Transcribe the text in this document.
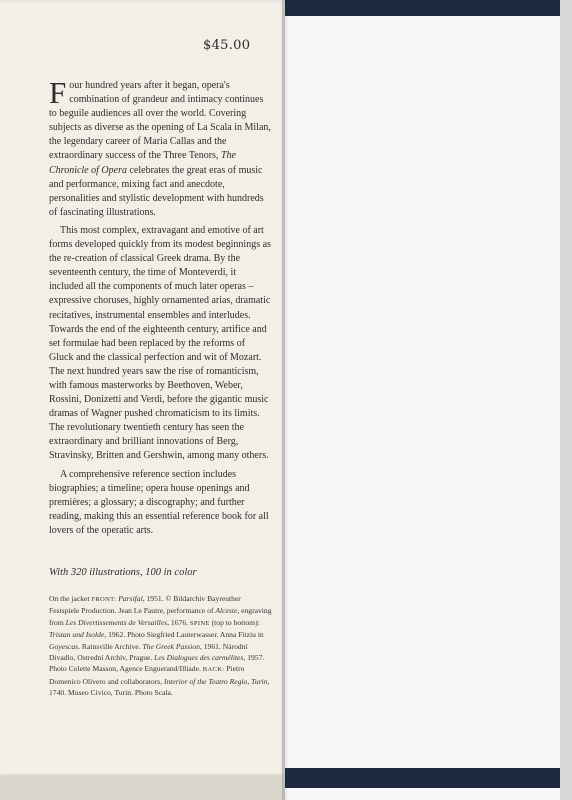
$45.00

Four hundred years after it began, opera's combination of grandeur and intimacy continues to beguile audiences all over the world. Covering subjects as diverse as the opening of La Scala in Milan, the legendary career of Maria Callas and the extraordinary success of the Three Tenors, The Chronicle of Opera celebrates the great eras of music and performance, mixing fact and anecdote, personalities and stylistic development with hundreds of fascinating illustrations.

This most complex, extravagant and emotive of art forms developed quickly from its modest beginnings as the re-creation of classical Greek drama. By the seventeenth century, the time of Monteverdi, it included all the components of much later operas – expressive choruses, highly ornamented arias, dramatic recitatives, instrumental ensembles and interludes. Towards the end of the eighteenth century, artifice and set formulae had been replaced by the reforms of Gluck and the classical perfection and wit of Mozart. The next hundred years saw the rise of romanticism, with famous masterworks by Beethoven, Weber, Rossini, Donizetti and Verdi, before the gigantic music dramas of Wagner pushed chromaticism to its limits. The revolutionary twentieth century has seen the extraordinary and brilliant innovations of Berg, Stravinsky, Britten and Gershwin, among many others.

A comprehensive reference section includes biographies; a timeline; opera house openings and premières; a glossary; a discography; and further reading, making this an essential reference book for all lovers of the operatic arts.

With 320 illustrations, 100 in color
On the jacket FRONT: Parsifal, 1951. © Bildarchiv Bayreuther Festspiele Production. Jean Le Pautre, performance of Alceste, engraving from Les Divertissements de Versailles, 1676. SPINE (top to bottom): Tristan und Isolde, 1962. Photo Siegfried Lauterwasser. Anna Fitziu in Goyescas. Rainsville Archive. The Greek Passion, 1961. Národní Divadlo, Ostrední Archiv, Prague. Les Dialogues des carmélites, 1957. Photo Colette Masson, Agence Enguerand/Illiade. BACK: Pietro Domenico Olivero and collaborators, Interior of the Teatro Regio, Turin, 1740. Museo Civico, Turin. Photo Scala.
